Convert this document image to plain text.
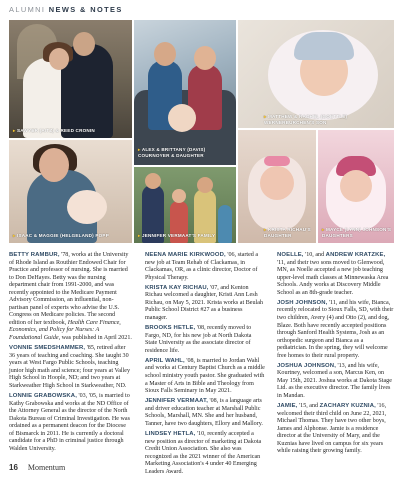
ALUMNI NEWS & NOTES
▸ SAWYER (AITZ) & REED CRONIN
▸ ALEX & BRITTANY (DAVIS) COURNOYER & DAUGHTER
▸ MATTHEW & RACHEL (GOETTLE) WERNERBURCHEN'S SON
▸ ISAAC & MAGGIE (HELGELAND) POPP	▸ JENNIFER VERMAAT'S FAMILY
▸ KRISTA RICHAU'S DAUGHTER
▸ MAYCE (LYNN) JOHNSON'S DAUGHTERS

BETTY RAMBUR, '78, works at the University of Rhode Island as Routhier Endowed Chair for Practice and professor of nursing. She is married to Don DeHayes. Betty was the nursing department chair from 1991-2000, and was recently appointed to the Medicare Payment Advisory Commission, an influential, non-partisan panel of experts who advise the U.S. Congress on Medicare policies. The second edition of her textbook, Health Care Finance, Economics, and Policy for Nurses: A Foundational Guide, was published in April 2021.

VONNIE SMEDSHAMMER, '85, retired after 36 years of teaching and coaching. She taught 30 years at West Fargo Public Schools, teaching junior high math and science; four years at Valley High School in Hoople, ND; and two years at Starkweather High School in Starkweather, ND.

LONNIE GRABOWSKA, '03, '05, is married to Kathy Grabowska and works at the ND Office of the Attorney General as the director of the North Dakota Bureau of Criminal Investigation. He was ordained as a permanent deacon for the Diocese of Bismarck in 2011. He is currently a doctoral candidate for a PhD in criminal justice through Walden University.

NEENA MARIE KIRKWOOD, '06, started a new job at Team Rehab of Clackamas, in Clackamas, OR, as a clinic director, Doctor of Physical Therapy.

KRISTA KAY RICHAU, '07, and Kenton Richau welcomed a daughter, Kristi Ann Lesh Richau, on May 5, 2021. Krista works at Beulah Public School District #27 as a business manager.

BROOKS HETLE, '08, recently moved to Fargo, ND, for his new job at North Dakota State University as the associate director of residence life.

APRIL WAHL, '08, is married to Jordan Wahl and works at Century Baptist Church as a middle school ministry youth pastor. She graduated with a Master of Arts in Bible and Theology from Sioux Falls Seminary in May 2021.

JENNIFER VERMAAT, '08, is a language arts and driver education teacher at Marshall Public Schools, Marshall, MN. She and her husband, Tanner, have two daughters, Ellory and Mallory.

LINDSEY HETLA, '10, recently accepted a new position as director of marketing at Dakota Credit Union Association. She also was recognized as the 2021 winner of the American Marketing Association's 4 under 40 Emerging Leaders Award.

NOELLE, '10, and ANDREW KRATZKE, '11, and their two sons moved to Glenwood, MN, as Noelle accepted a new job teaching upper-level math classes at Minnewaska Area Schools. Andy works at Discovery Middle School as an 8th-grade teacher.

JOSH JOHNSON, '11, and his wife, Bianca, recently relocated to Sioux Falls, SD, with their two children, Avery (4) and Otto (2), and dog, Blaze. Both have recently accepted positions through Sanford Health Systems, Josh as an orthopedic surgeon and Bianca as a pediatrician. In the spring, they will welcome free homes to their rural property.

JOSHUA JOHNSON, '13, and his wife, Kourtney, welcomed a son, Marcus Ken, on May 15th, 2021. Joshua works at Dakota Stage Ltd. as the executive director. The family lives in Mandan.

JAMIE, '15, and ZACHARY KUZNIA, '16, welcomed their third child on June 22, 2021, Michael Thomas. They have two other boys, James and Alphonse. Jamie is a residence director at the University of Mary, and the Kuznias have lived on campus for six years while raising their growing family.

16 Momentum
